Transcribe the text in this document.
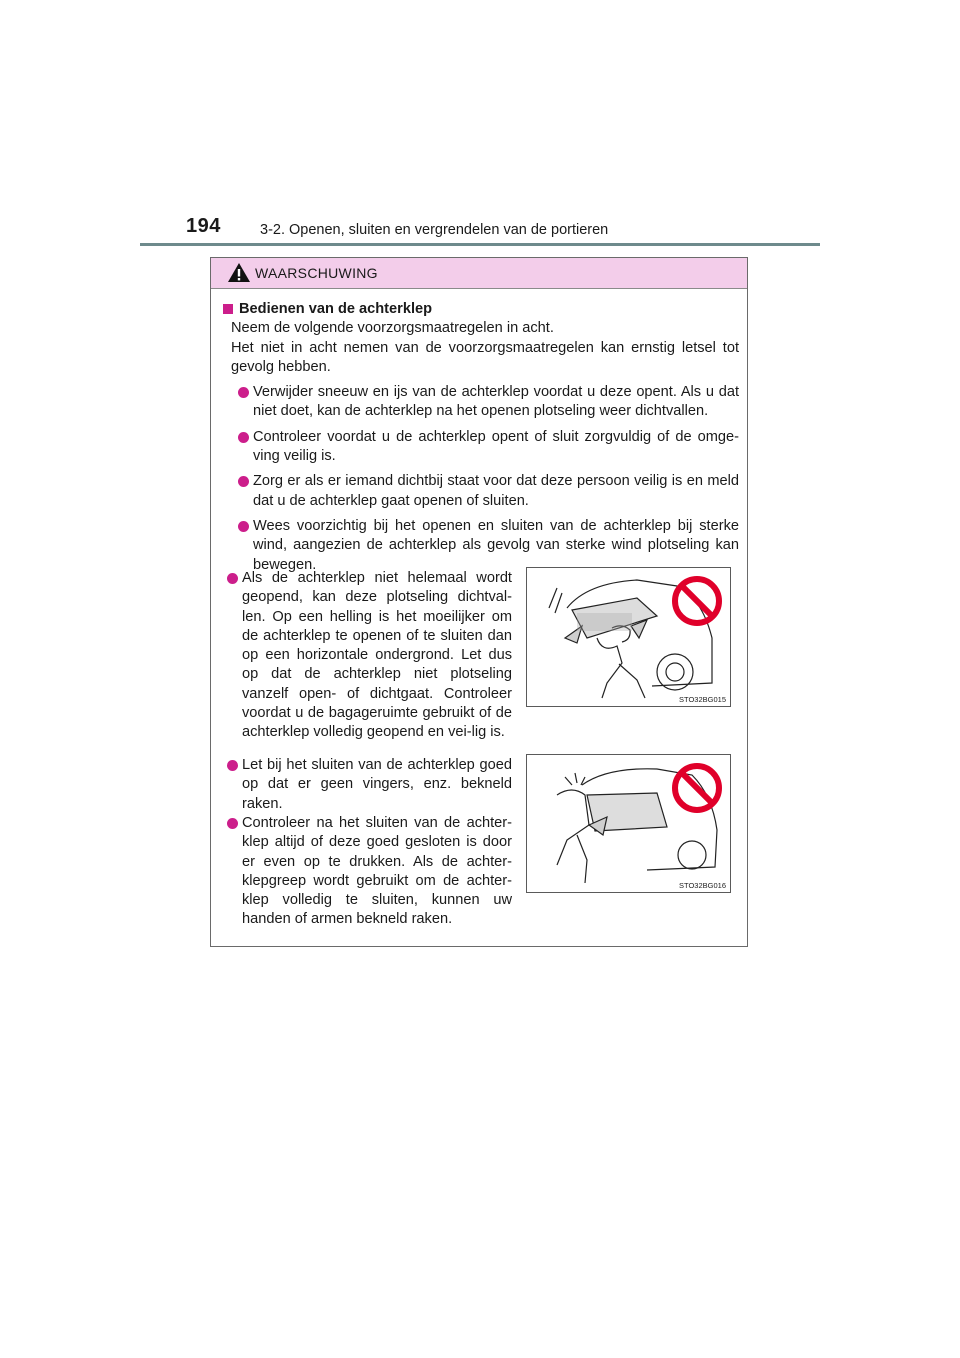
194	3-2. Openen, sluiten en vergrendelen van de portieren
WAARSCHUWING
Bedienen van de achterklep
Neem de volgende voorzorgsmaatregelen in acht.
Het niet in acht nemen van de voorzorgsmaatregelen kan ernstig letsel tot gevolg hebben.
Verwijder sneeuw en ijs van de achterklep voordat u deze opent. Als u dat niet doet, kan de achterklep na het openen plotseling weer dichtvallen.
Controleer voordat u de achterklep opent of sluit zorgvuldig of de omge-ving veilig is.
Zorg er als er iemand dichtbij staat voor dat deze persoon veilig is en meld dat u de achterklep gaat openen of sluiten.
Wees voorzichtig bij het openen en sluiten van de achterklep bij sterke wind, aangezien de achterklep als gevolg van sterke wind plotseling kan bewegen.
Als de achterklep niet helemaal wordt geopend, kan deze plotseling dichtval-len. Op een helling is het moeilijker om de achterklep te openen of te sluiten dan op een horizontale ondergrond. Let dus op dat de achterklep niet plotseling vanzelf open- of dichtgaat. Controleer voordat u de bagageruimte gebruikt of de achterklep volledig geopend en vei-lig is.
Let bij het sluiten van de achterklep goed op dat er geen vingers, enz. bekneld raken.
Controleer na het sluiten van de achter-klep altijd of deze goed gesloten is door er even op te drukken. Als de achter-klepgreep wordt gebruikt om de achter-klep volledig te sluiten, kunnen uw handen of armen bekneld raken.
STO32BG015
STO32BG016
